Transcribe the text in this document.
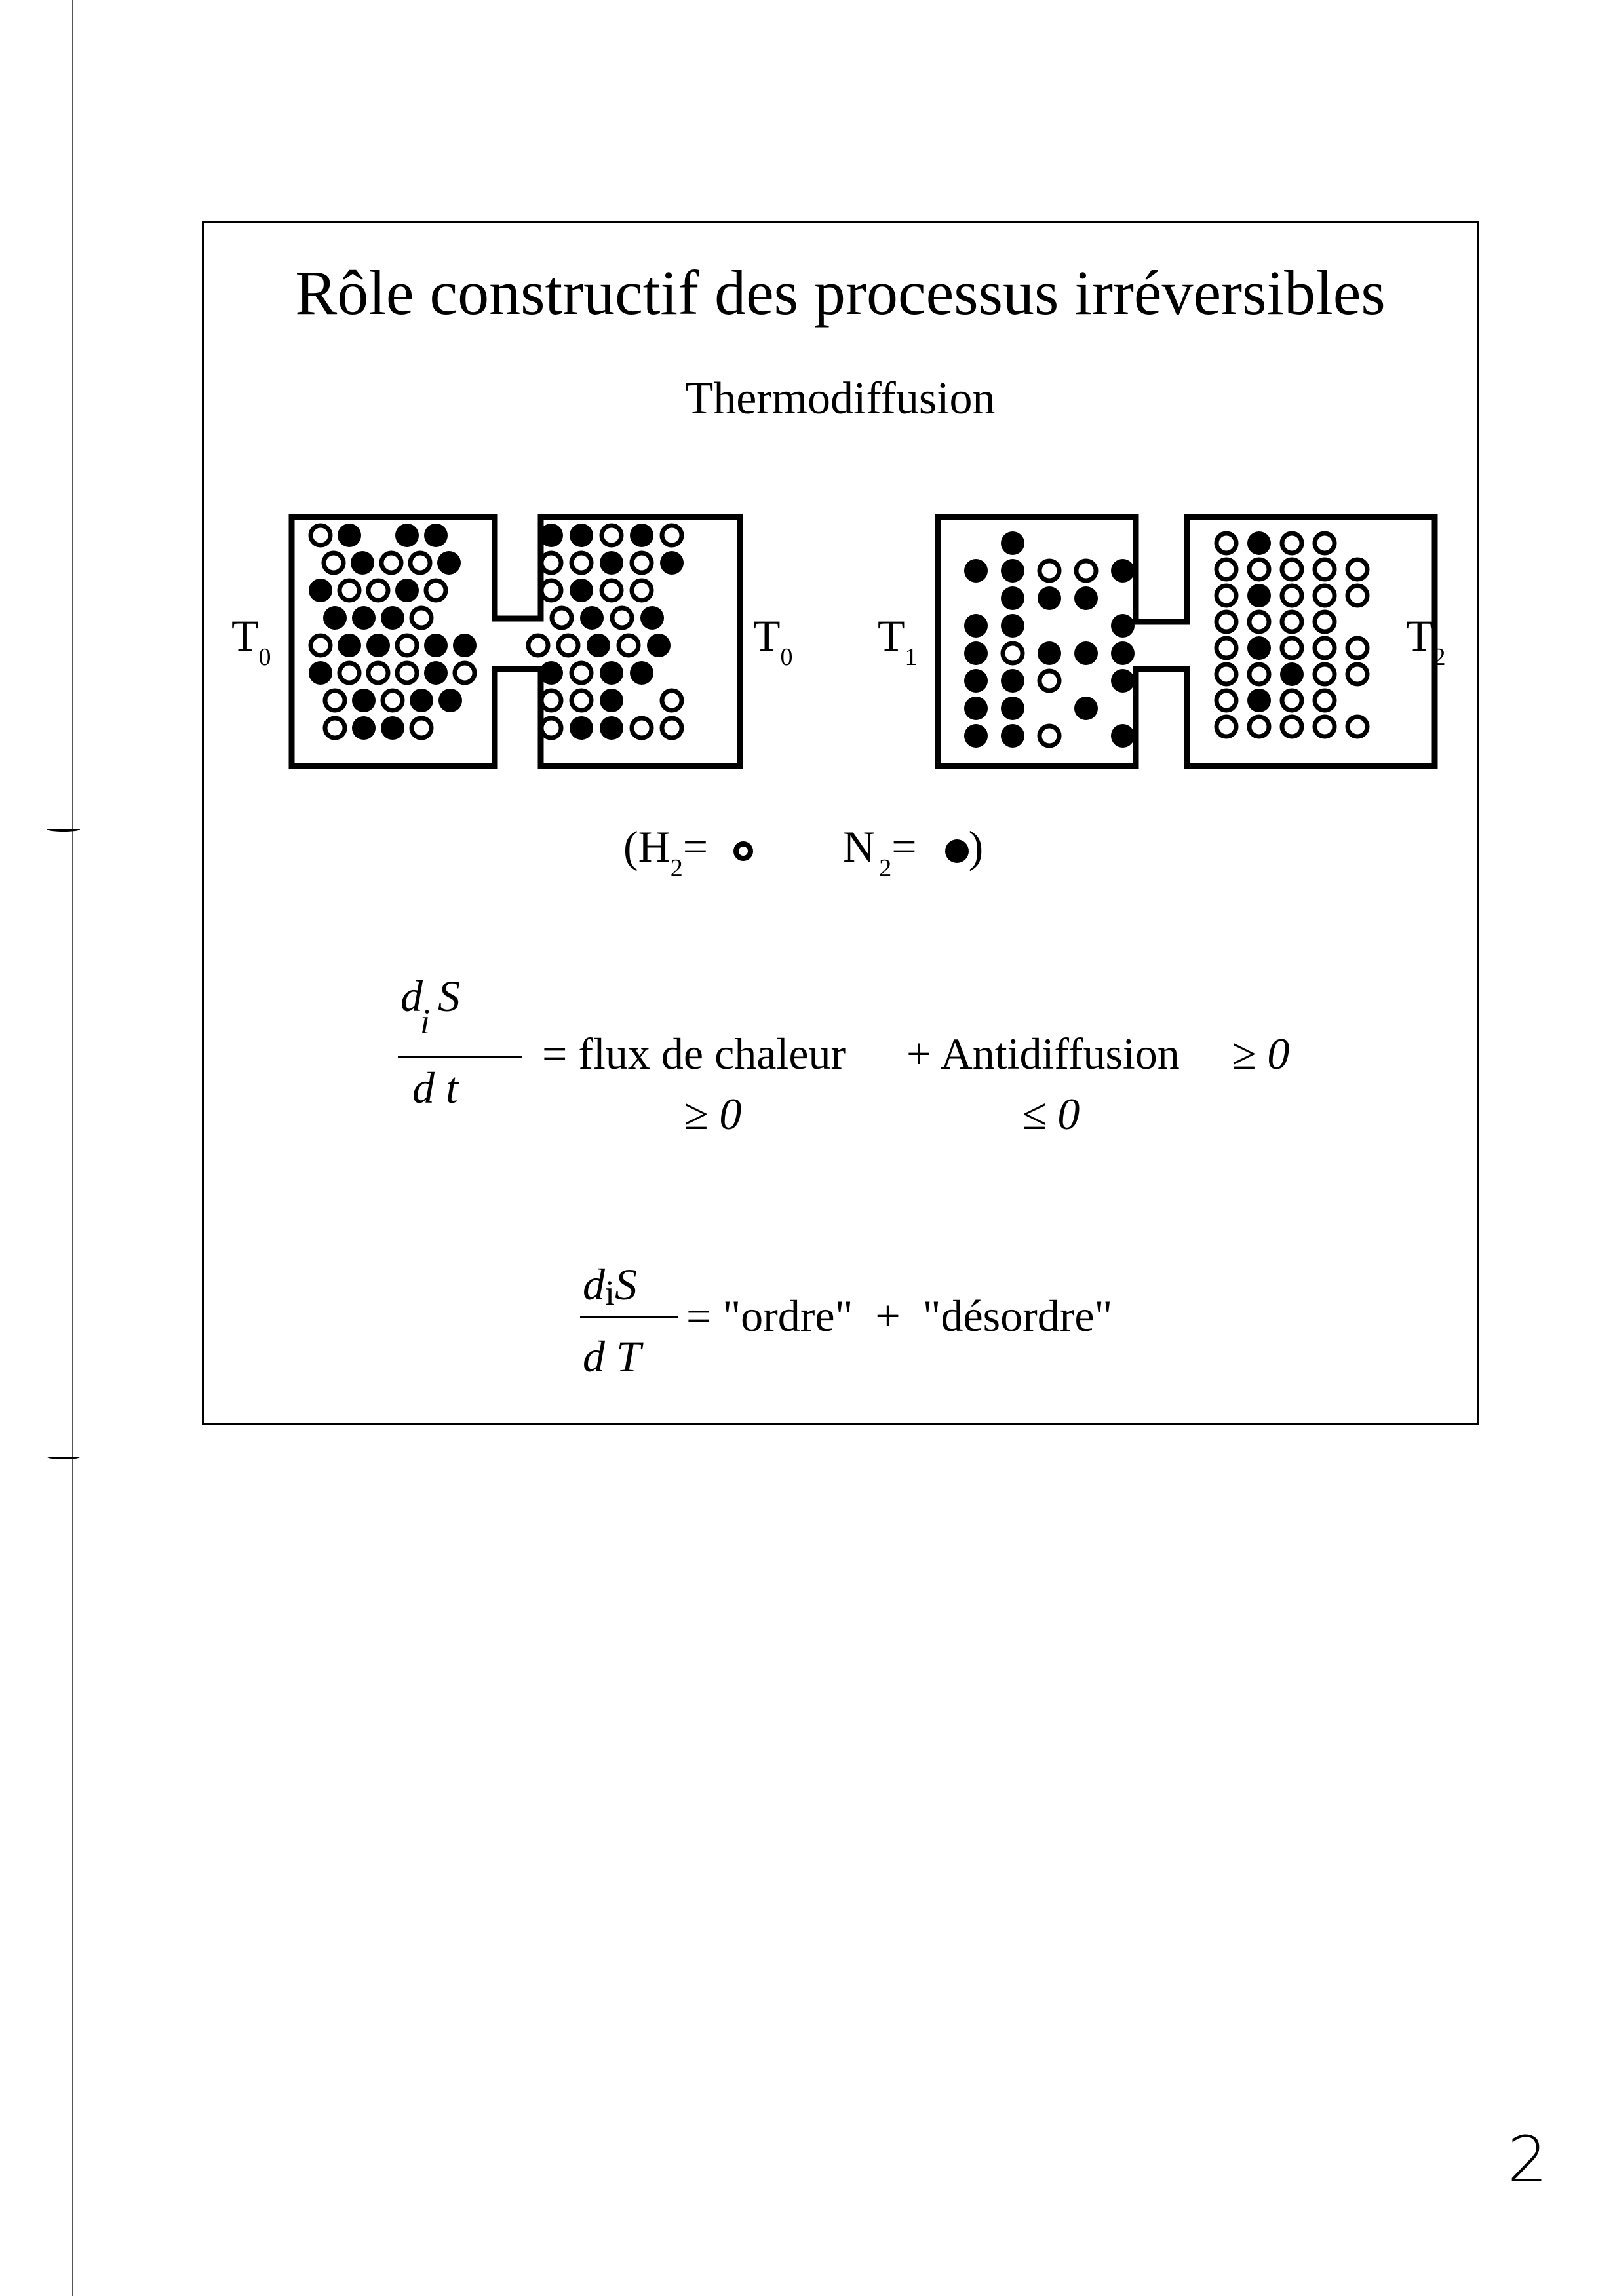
Rôle constructif des processus irréversibles
Thermodiffusion
$T_0$	$T_0$ $T_1$	$T_2$
($H_2=$	N $_2$= )
$d_iS$
d t
= flux de chaleur + Antidiffusion ≥ 0
≥ 0	≤ 0
diS
d T
= "ordre"  +  "désordre"
2
